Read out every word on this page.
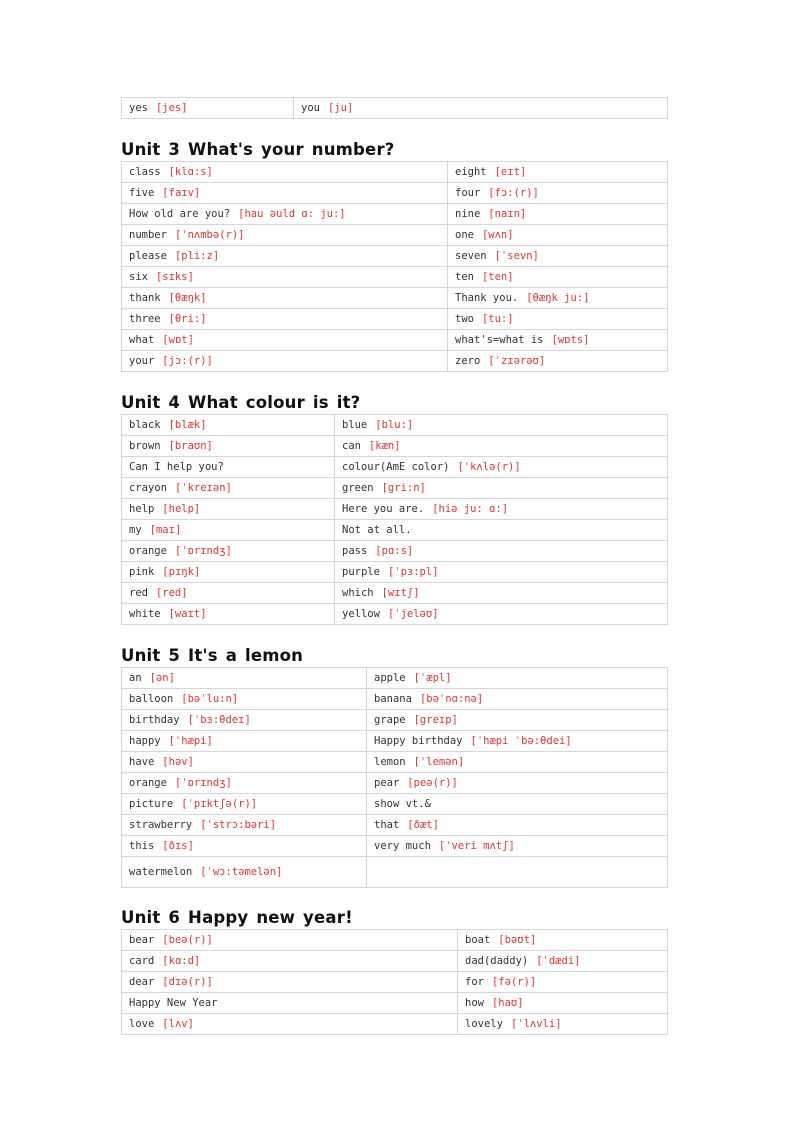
yes [jes]	you [ju]
Unit 3 What's your number?
class [klɑ:s]	eight [eɪt]
five [faɪv]	four [fɔ:(r)]
How old are you? [hau əuld ɑ: ju:]	nine [naɪn]
number [ˈnʌmbə(r)]	one [wʌn]
please [pli:z]	seven [ˈsevn]
six [sɪks]	ten [ten]
thank [θæŋk]	Thank you. [θæŋk ju:]
three [θri:]	two [tu:]
what [wɒt]	what's=what is [wɒts]
your [jɔ:(r)]	zero [ˈzɪərəʊ]
Unit 4 What colour is it?
black [blæk]	blue [blu:]
brown [braʊn]	can [kæn]
Can I help you?	colour(AmE color) [ˈkʌlə(r)]
crayon [ˈkreɪən]	green [gri:n]
help [help]	Here you are. [hiə ju: ɑ:]
my [maɪ]	Not at all.
orange [ˈɒrɪndʒ]	pass [pɑ:s]
pink [pɪŋk]	purple [ˈpɜ:pl]
red [red]	which [wɪtʃ]
white [waɪt]	yellow [ˈjeləʊ]
Unit 5 It's a lemon
an [ən]	apple [ˈæpl]
balloon [bəˈlu:n]	banana [bəˈnɑ:nə]
birthday [ˈbɜ:θdeɪ]	grape [greɪp]
happy [ˈhæpi]	Happy birthday [ˈhæpi ˈbə:θdei]
have [həv]	lemon [ˈlemən]
orange [ˈɒrɪndʒ]	pear [peə(r)]
picture [ˈpɪktʃə(r)]	show vt.&
strawberry [ˈstrɔ:bəri]	that [ðæt]
this [ðɪs]	very much [ˈveri mʌtʃ]
watermelon [ˈwɔ:təmelən]	
Unit 6 Happy new year!
bear [beə(r)]	boat [bəʊt]
card [kɑ:d]	dad(daddy) [ˈdædi]
dear [dɪə(r)]	for [fə(r)]
Happy New Year	how [haʊ]
love [lʌv]	lovely [ˈlʌvli]
